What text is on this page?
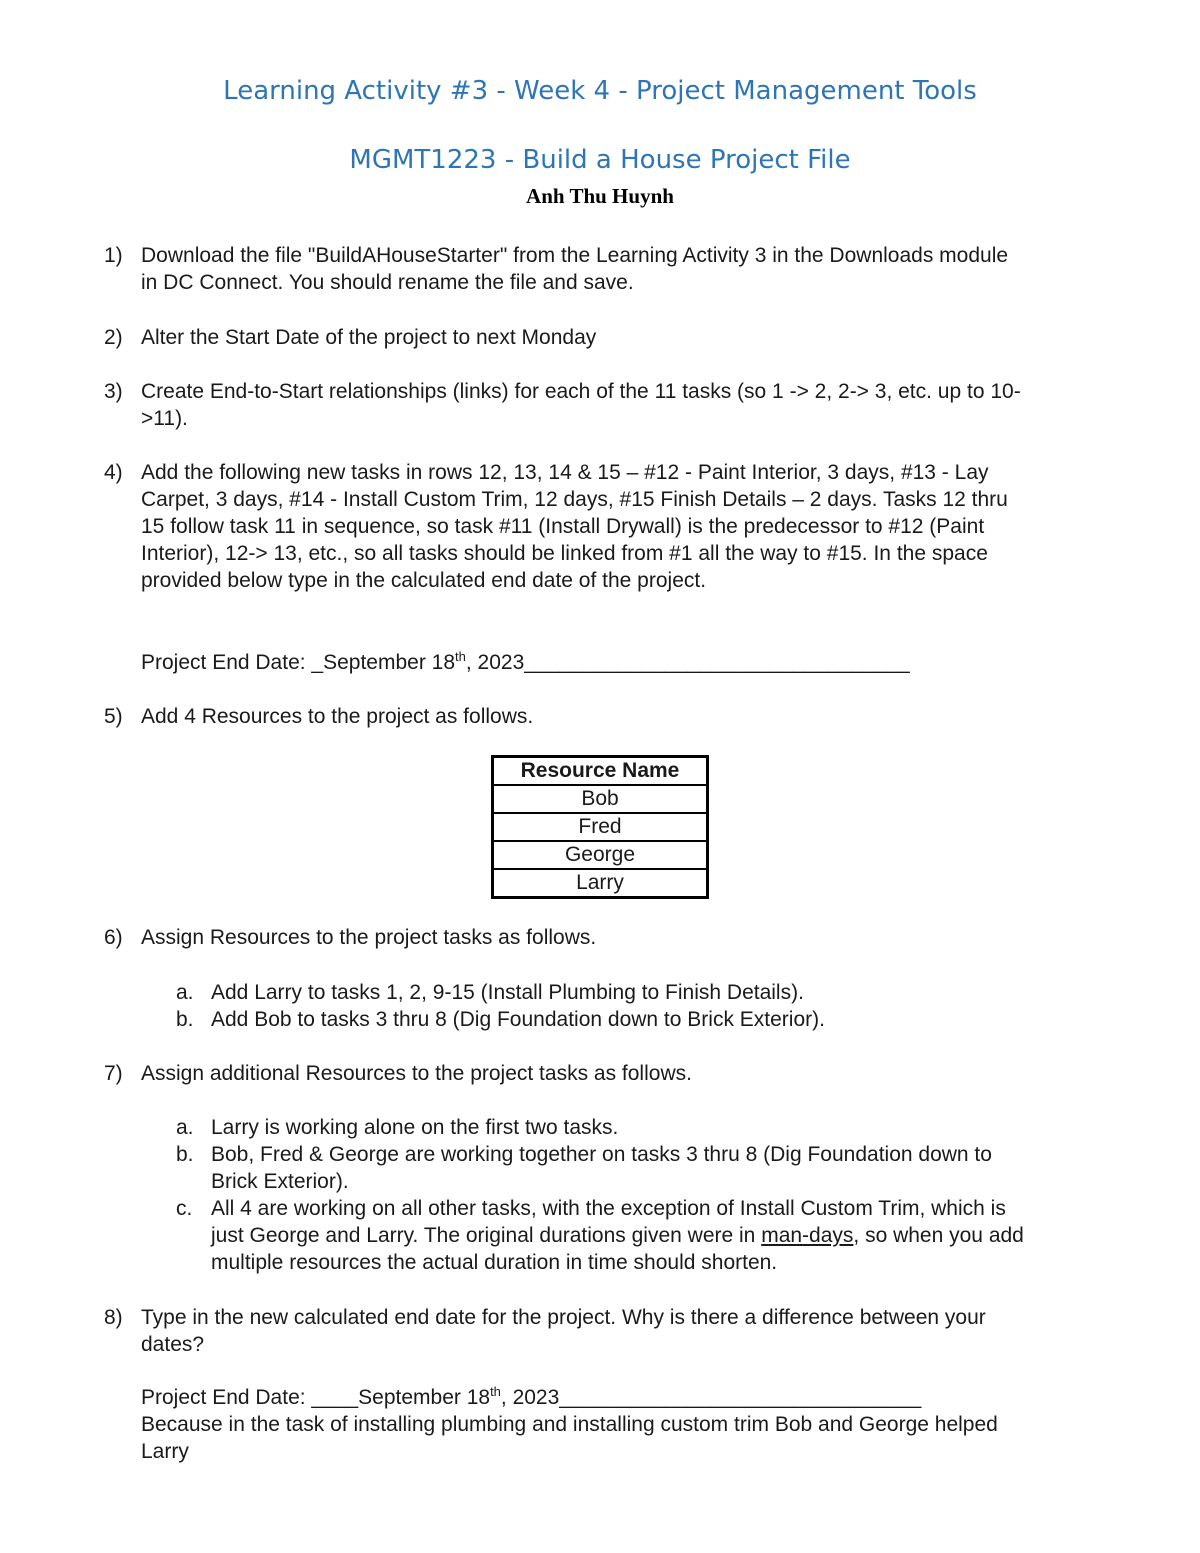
Learning Activity #3 - Week 4 - Project Management Tools
MGMT1223 - Build a House Project File
Anh Thu Huynh
1) Download the file "BuildAHouseStarter" from the Learning Activity 3 in the Downloads module
in DC Connect. You should rename the file and save.
2) Alter the Start Date of the project to next Monday
3) Create End-to-Start relationships (links) for each of the 11 tasks (so 1 -> 2, 2-> 3, etc. up to 10-
>11).
4) Add the following new tasks in rows 12, 13, 14 & 15 – #12 - Paint Interior, 3 days, #13 - Lay
Carpet, 3 days, #14 - Install Custom Trim, 12 days, #15 Finish Details – 2 days. Tasks 12 thru
15 follow task 11 in sequence, so task #11 (Install Drywall) is the predecessor to #12 (Paint
Interior), 12-> 13, etc., so all tasks should be linked from #1 all the way to #15. In the space
provided below type in the calculated end date of the project.
Project End Date: _September 18th, 2023_________________________________
5) Add 4 Resources to the project as follows.
Resource Name
Bob
Fred
George
Larry
6) Assign Resources to the project tasks as follows.
a. Add Larry to tasks 1, 2, 9-15 (Install Plumbing to Finish Details).
b. Add Bob to tasks 3 thru 8 (Dig Foundation down to Brick Exterior).
7) Assign additional Resources to the project tasks as follows.
a. Larry is working alone on the first two tasks.
b. Bob, Fred & George are working together on tasks 3 thru 8 (Dig Foundation down to
Brick Exterior).
c. All 4 are working on all other tasks, with the exception of Install Custom Trim, which is
just George and Larry. The original durations given were in man-days, so when you add
multiple resources the actual duration in time should shorten.
8) Type in the new calculated end date for the project. Why is there a difference between your
dates?
Project End Date: ____September 18th, 2023_______________________________
Because in the task of installing plumbing and installing custom trim Bob and George helped
Larry
